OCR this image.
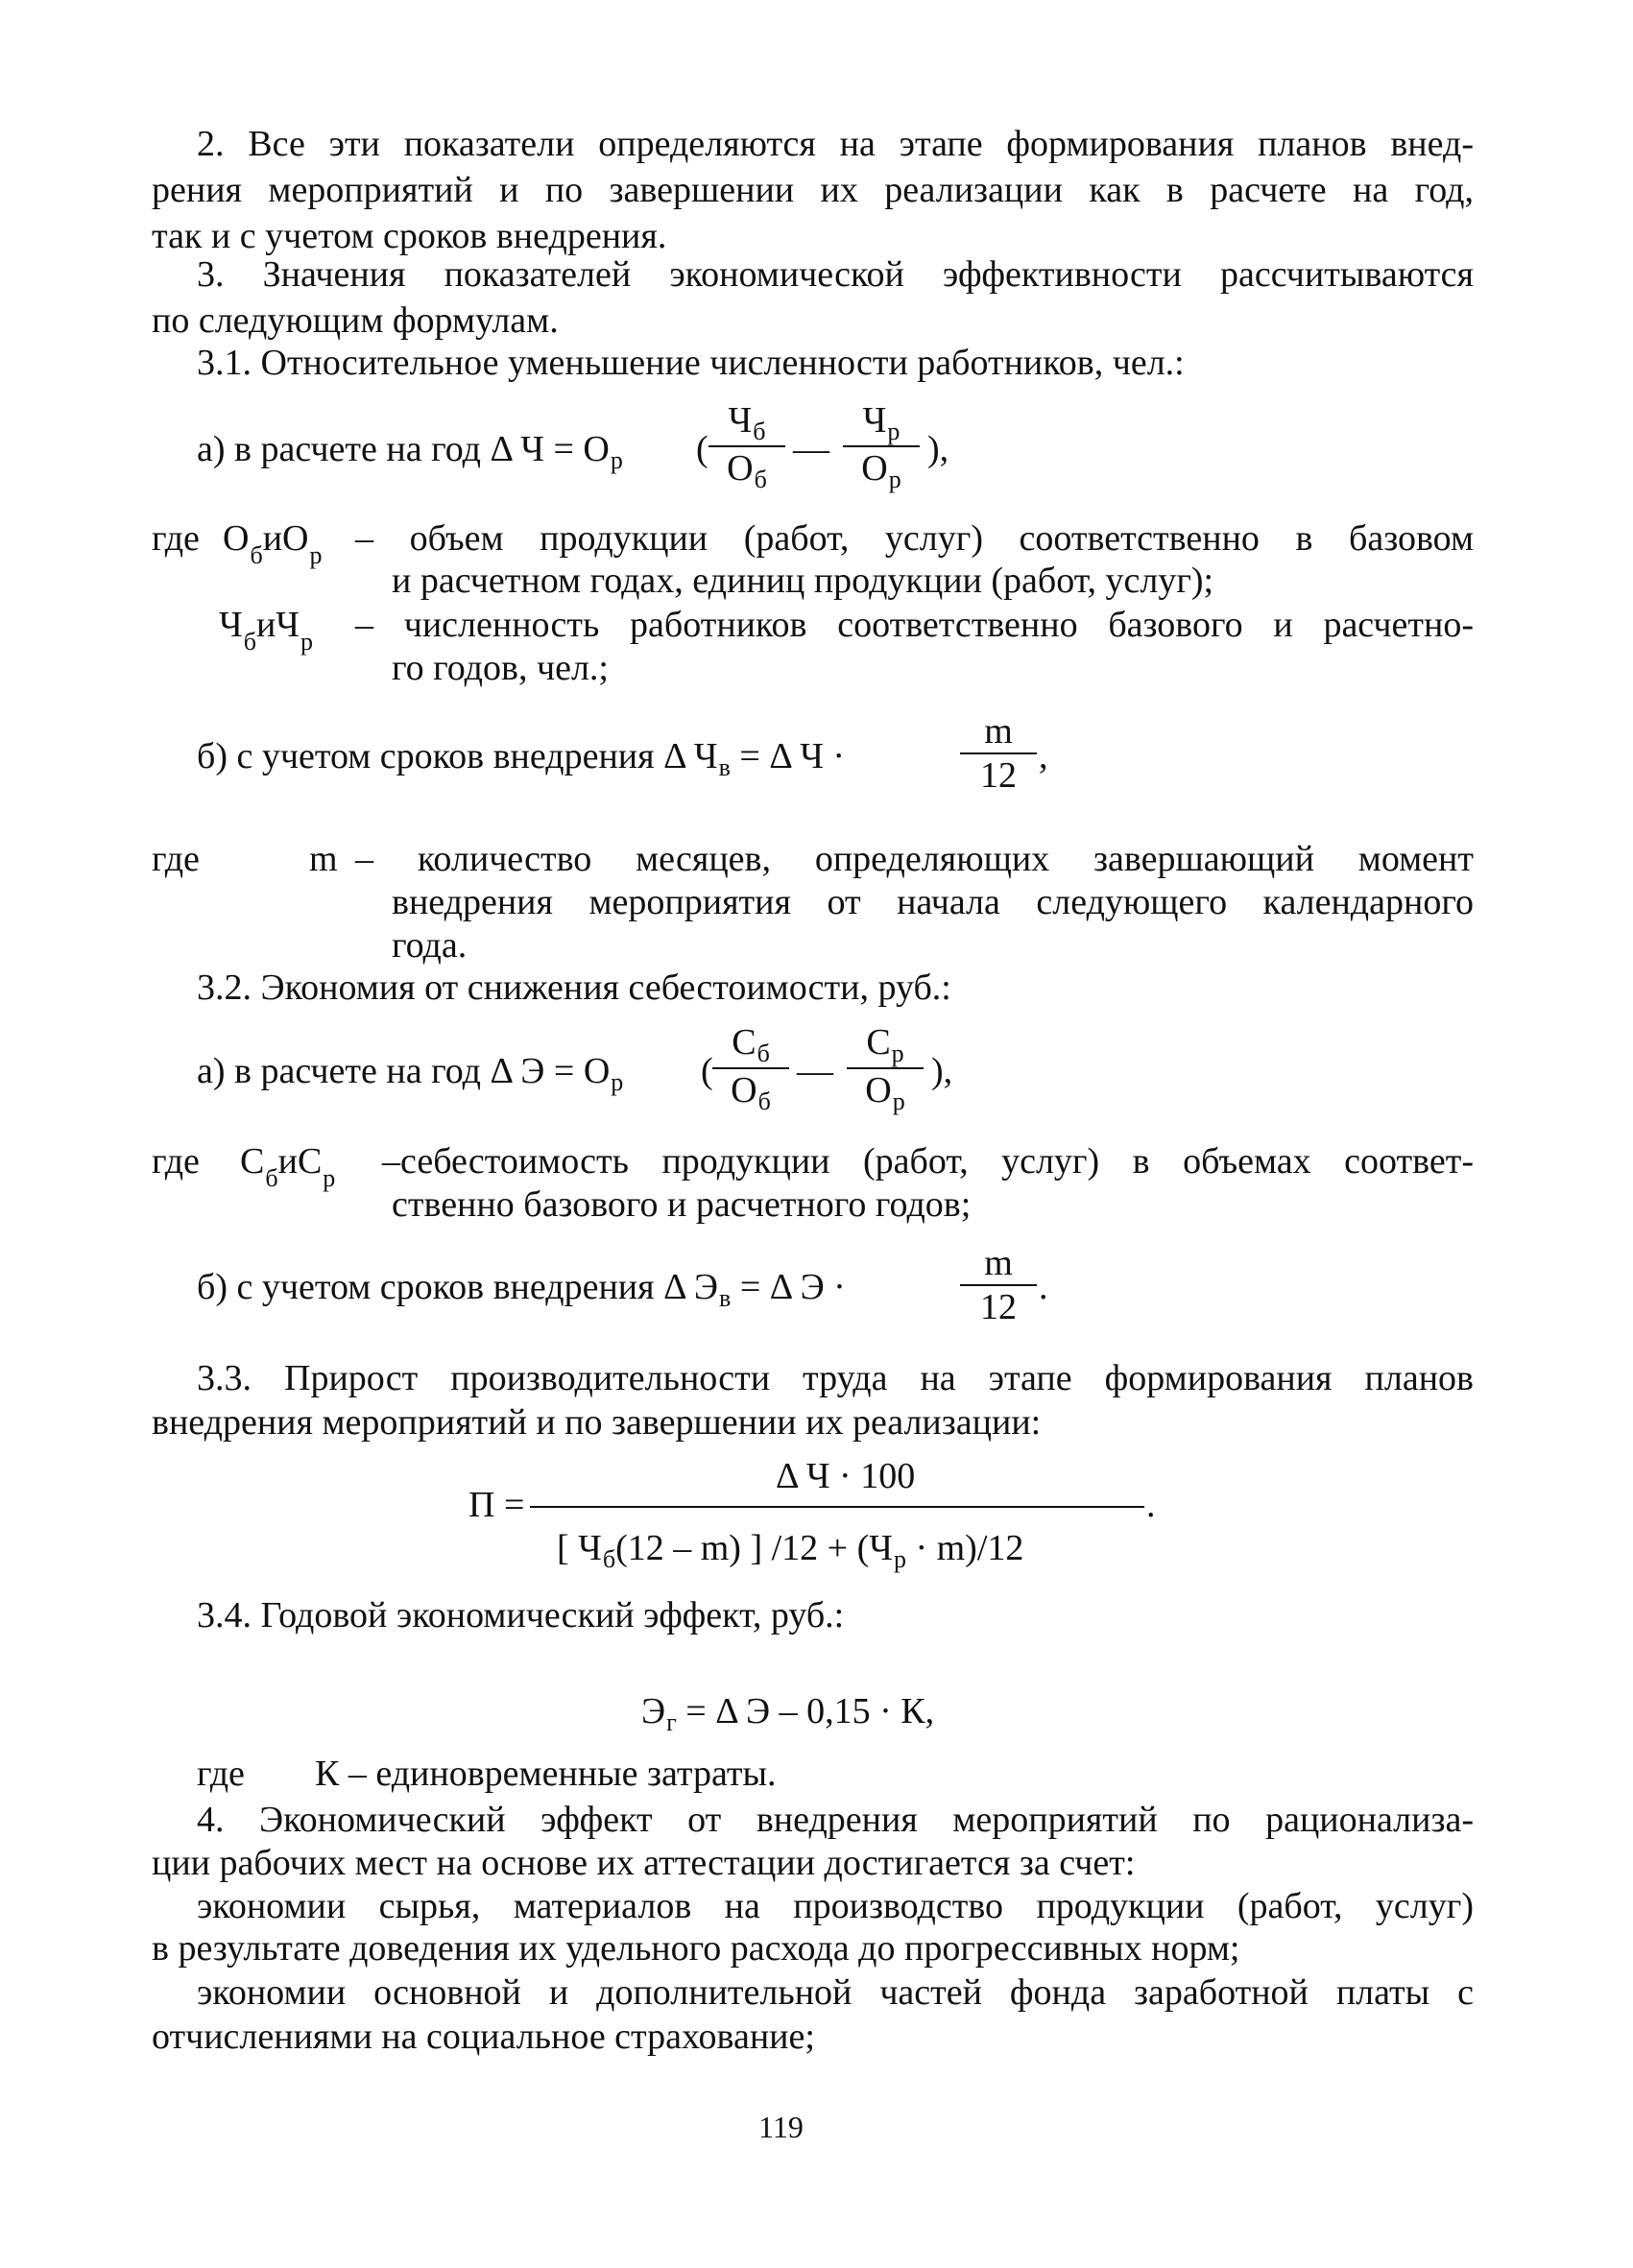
2. Все эти показатели определяются на этапе формирования планов внед-
рения мероприятий и по завершении их реализации как в расчете на год,
так и с учетом сроков внедрения.
3. Значения показателей экономической эффективности рассчитываются
по следующим формулам.
3.1. Относительное уменьшение численности работников, чел.:
а) в расчете на год Δ $Ч = О_р$ (
$Ч_б$
$О_б$
—
$Ч_р$
$О_р$
),
где $О_биО_р$ – объем продукции (работ, услуг) соответственно в базовом
и расчетном годах, единиц продукции (работ, услуг);
$Ч_биЧ_р$ – численность работников соответственно базового и расчетно-
го годов, чел.;
б) с учетом сроков внедрения Δ $Ч_в = \Delta$ Ч ·	$\frac{m}{12}$ ,
где	m – количество месяцев, определяющих завершающий момент
внедрения мероприятия от начала следующего календарного
года.
3.2. Экономия от снижения себестоимости, руб.:
а) в расчете на год Δ $Э = О_р$ (
$С_б$
$О_б$
—
$С_р$
$О_р$
),
где $С_биС_р$ –себестоимость продукции (работ, услуг) в объемах соответ-
ственно базового и расчетного годов;
б) с учетом сроков внедрения Δ $Э_в = \Delta$ Э ·	$\frac{m}{12}$ .
3.3. Прирост производительности труда на этапе формирования планов
внедрения мероприятий и по завершении их реализации:
П =
Δ Ч · 100
.
[ $Ч_б(12 - m)$ ] $/12 + (Ч_р \cdot m)/12$
3.4. Годовой экономический эффект, руб.:
$Э_г = \Delta$ Э – 0,15 · К,
где К – единовременные затраты.
4. Экономический эффект от внедрения мероприятий по рационализа-
ции рабочих мест на основе их аттестации достигается за счет:
экономии сырья, материалов на производство продукции (работ, услуг)
в результате доведения их удельного расхода до прогрессивных норм;
экономии основной и дополнительной частей фонда заработной платы с
отчислениями на социальное страхование;
119
